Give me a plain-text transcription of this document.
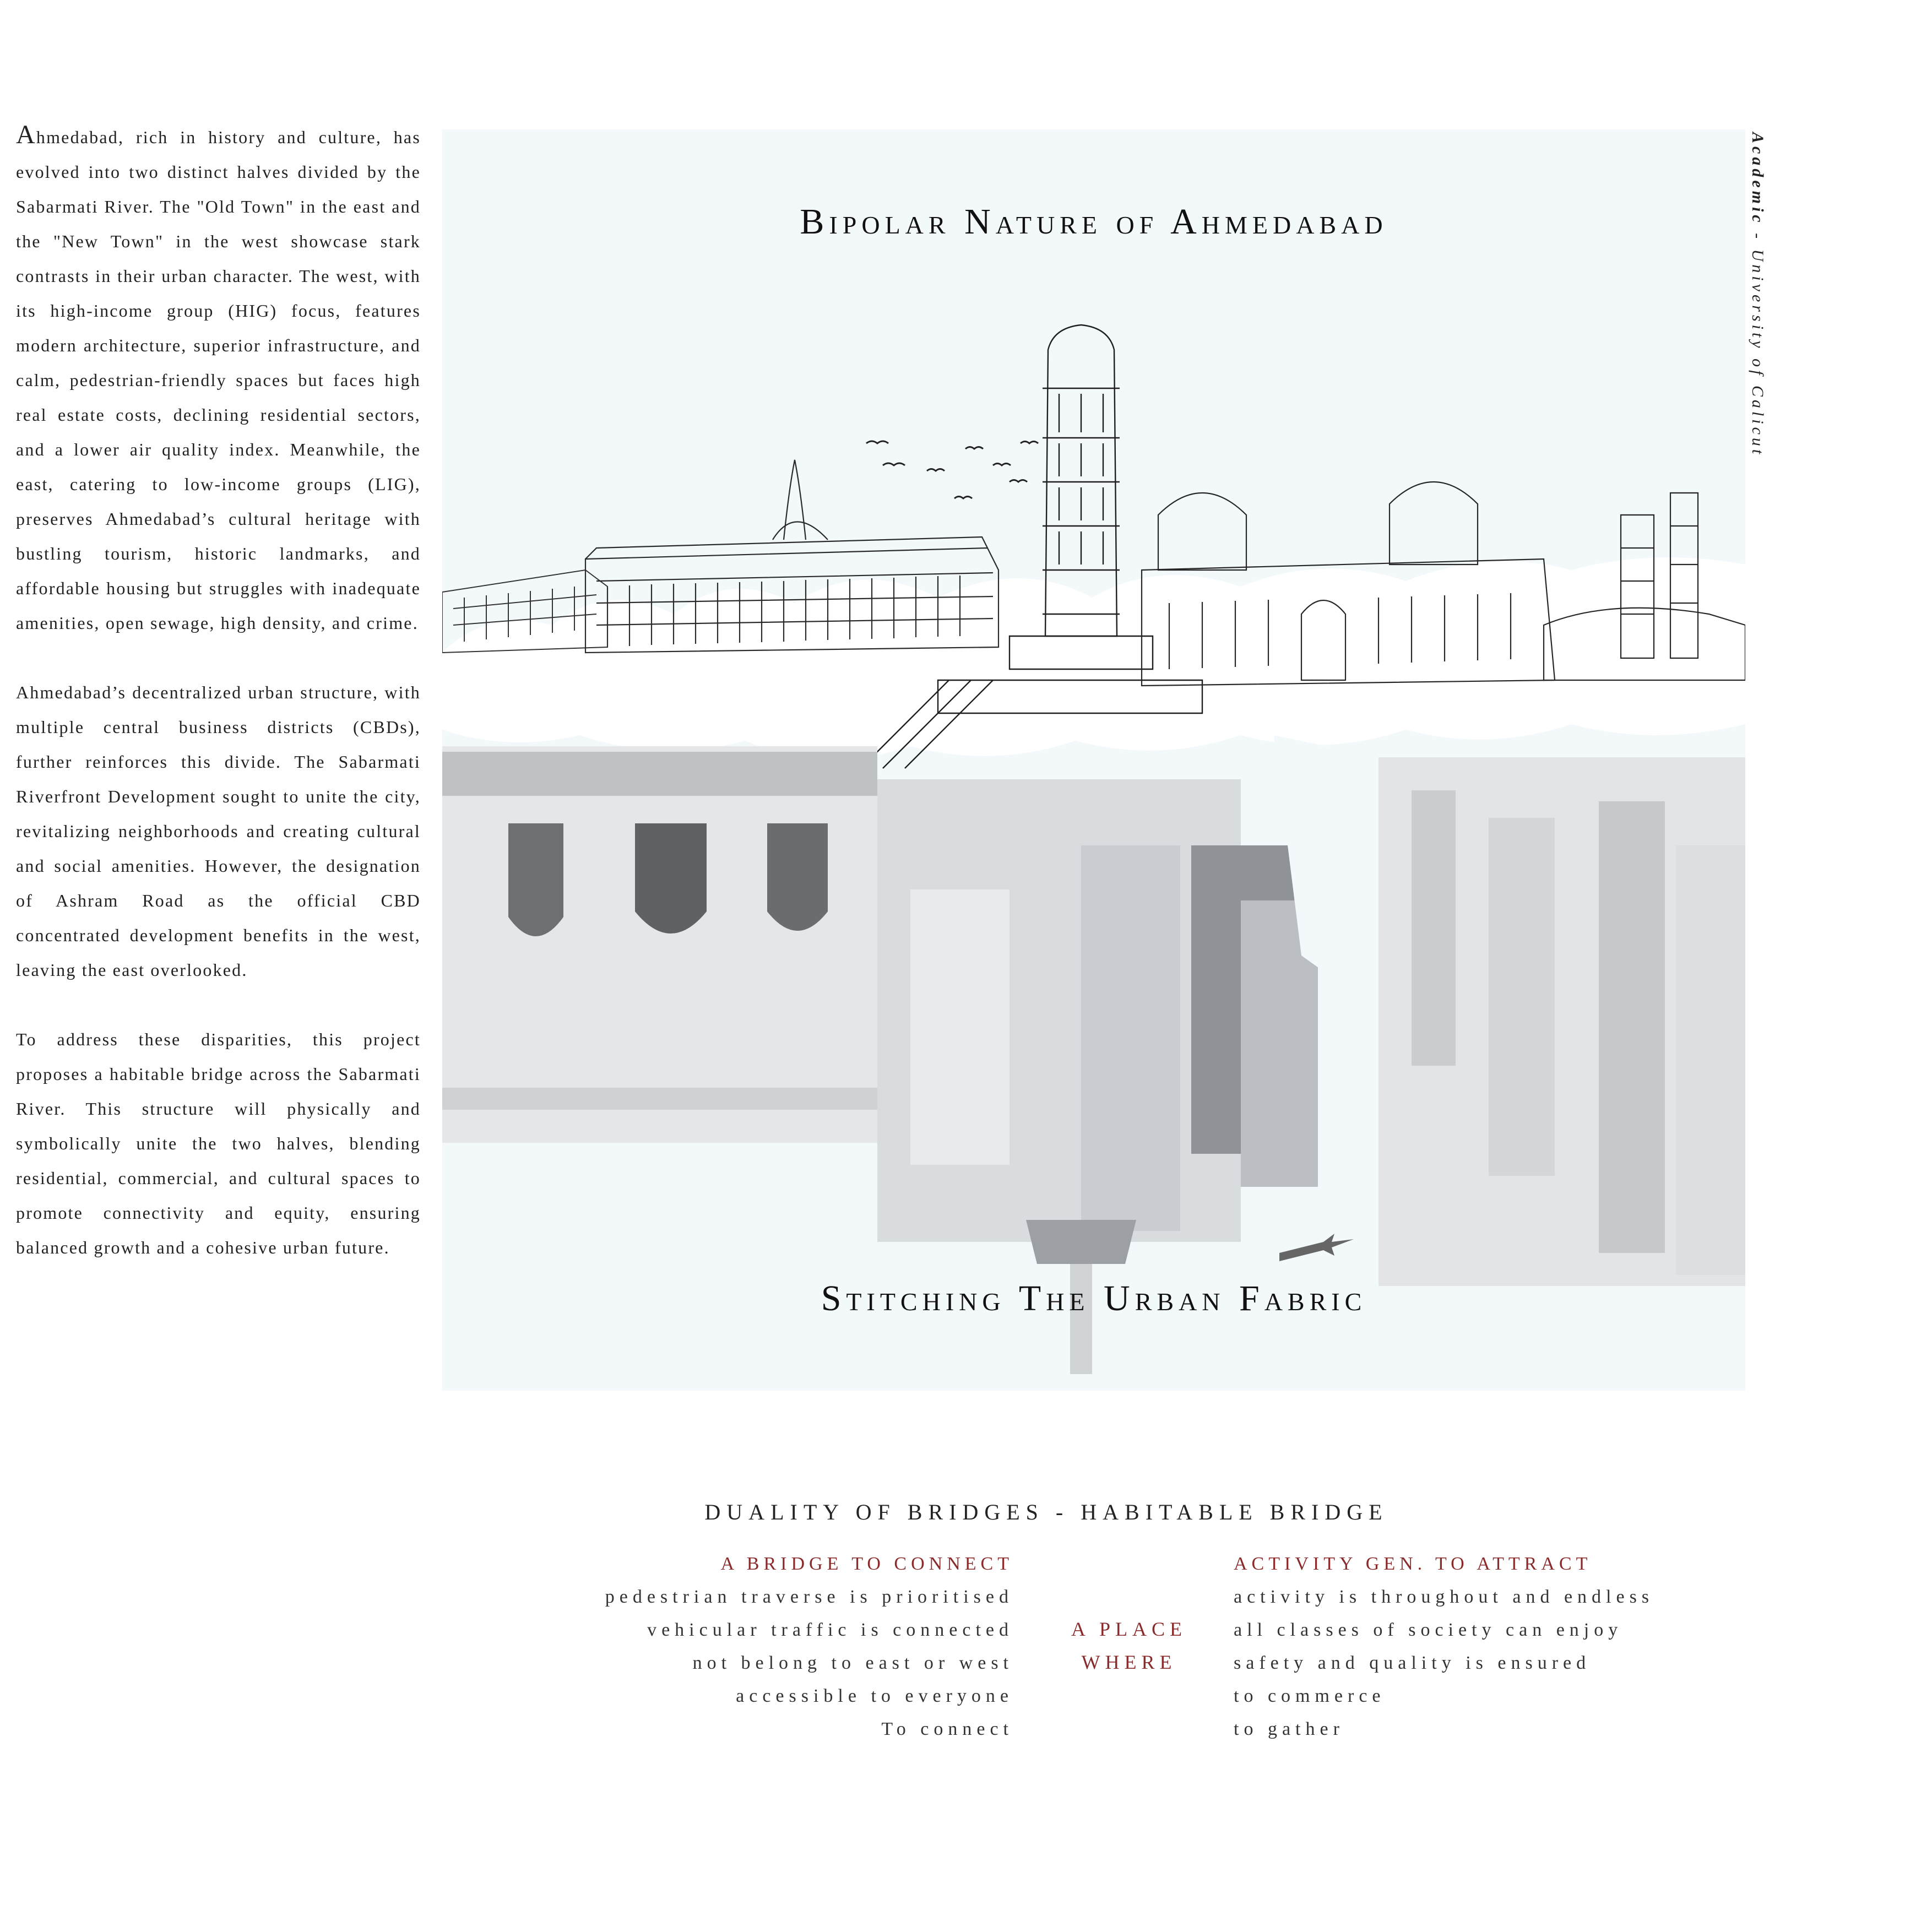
Ahmedabad, rich in history and culture, has evolved into two distinct halves divided by the Sabarmati River. The "Old Town" in the east and the "New Town" in the west showcase stark contrasts in their urban character. The west, with its high-income group (HIG) focus, features modern architecture, superior infrastructure, and calm, pedestrian-friendly spaces but faces high real estate costs, declining residential sectors, and a lower air quality index. Meanwhile, the east, catering to low-income groups (LIG), preserves Ahmedabad’s cultural heritage with bustling tourism, historic landmarks, and affordable housing but struggles with inadequate amenities, open sewage, high density, and crime.

Ahmedabad’s decentralized urban structure, with multiple central business districts (CBDs), further reinforces this divide. The Sabarmati Riverfront Development sought to unite the city, revitalizing neighborhoods and creating cultural and social amenities. However, the designation of Ashram Road as the official CBD concentrated development benefits in the west, leaving the east overlooked.

To address these disparities, this project proposes a habitable bridge across the Sabarmati River. This structure will physically and symbolically unite the two halves, blending residential, commercial, and cultural spaces to promote connectivity and equity, ensuring balanced growth and a cohesive urban future.

Bipolar Nature of Ahmedabad
Stitching The Urban Fabric
Academic - University of Calicut
DUALITY OF BRIDGES - HABITABLE BRIDGE
A BRIDGE TO CONNECT
pedestrian traverse is prioritised
vehicular traffic is connected
not belong to east or west
accessible to everyone
To connect
A PLACE
WHERE
ACTIVITY GEN. TO ATTRACT
activity is throughout and endless
all classes of society can enjoy
safety and quality is ensured
to commerce
to gather
